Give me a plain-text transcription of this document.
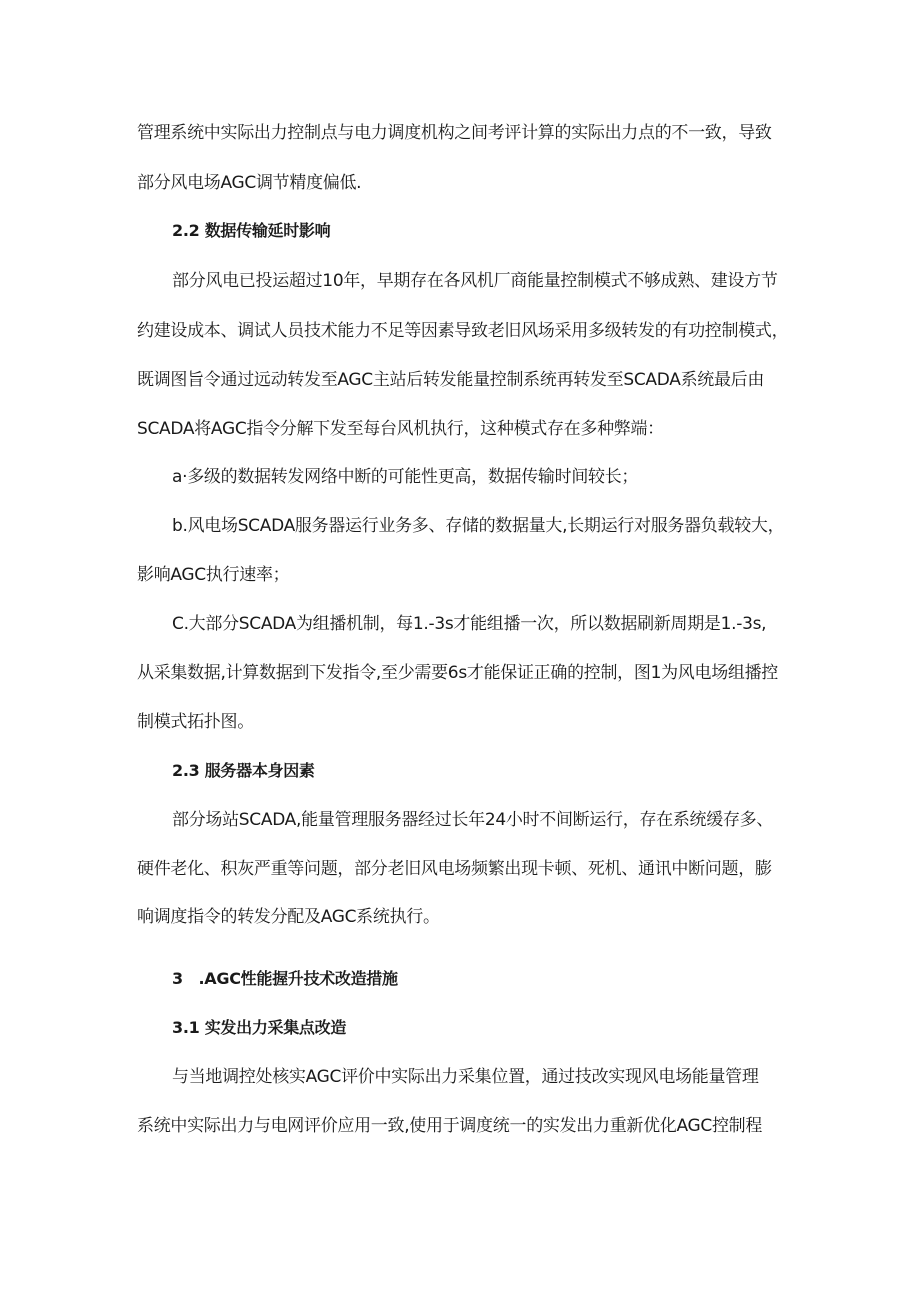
管理系统中实际出力控制点与电力调度机构之间考评计算的实际出力点的不一致，导致
部分风电场AGC调节精度偏低.
2.2 数据传输延时影响
部分风电已投运超过10年，早期存在各风机厂商能量控制模式不够成熟、建设方节
约建设成本、调试人员技术能力不足等因素导致老旧风场采用多级转发的有功控制模式，
既调图旨令通过远动转发至AGC主站后转发能量控制系统再转发至SCADA系统最后由
SCADA将AGC指令分解下发至每台风机执行，这种模式存在多种弊端：
a·多级的数据转发网络中断的可能性更高，数据传输时间较长；
b.风电场SCADA服务器运行业务多、存储的数据量大,长期运行对服务器负载较大，
影响AGC执行速率；
C.大部分SCADA为组播机制，每1.-3s才能组播一次，所以数据刷新周期是1.-3s,
从采集数据,计算数据到下发指令,至少需要6s才能保证正确的控制，图1为风电场组播控
制模式拓扑图。
2.3 服务器本身因素
部分场站SCADA,能量管理服务器经过长年24小时不间断运行，存在系统缓存多、
硬件老化、积灰严重等问题，部分老旧风电场频繁出现卡顿、死机、通讯中断问题，膨
响调度指令的转发分配及AGC系统执行。
3　.AGC性能握升技术改造措施
3.1 实发出力采集点改造
与当地调控处核实AGC评价中实际出力采集位置，通过技改实现风电场能量管理
系统中实际出力与电网评价应用一致,使用于调度统一的实发出力重新优化AGC控制程
